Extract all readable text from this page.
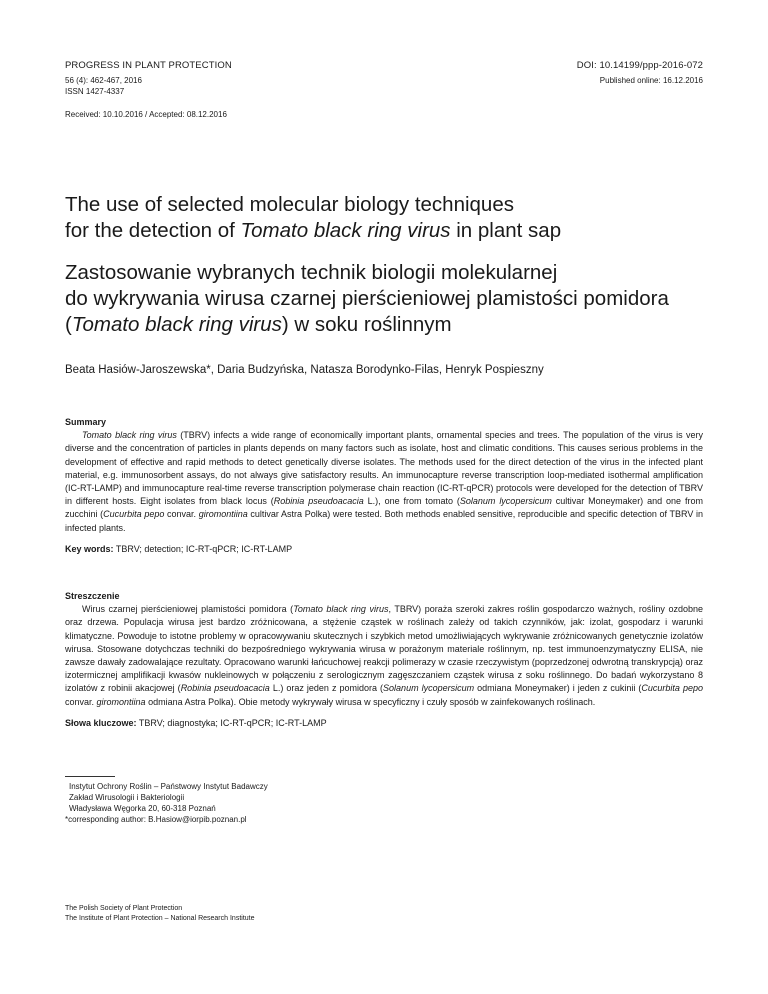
PROGRESS IN PLANT PROTECTION
56 (4): 462-467, 2016
ISSN 1427-4337
DOI: 10.14199/ppp-2016-072
Published online: 16.12.2016
Received: 10.10.2016 / Accepted: 08.12.2016
The use of selected molecular biology techniques
for the detection of Tomato black ring virus in plant sap
Zastosowanie wybranych technik biologii molekularnej
do wykrywania wirusa czarnej pierścieniowej plamistości pomidora
(Tomato black ring virus) w soku roślinnym
Beata Hasiów-Jaroszewska*, Daria Budzyńska, Natasza Borodynko-Filas, Henryk Pospieszny
Summary

Tomato black ring virus (TBRV) infects a wide range of economically important plants, ornamental species and trees. The population of the virus is very diverse and the concentration of particles in plants depends on many factors such as isolate, host and climatic conditions. This causes serious problems in the development of effective and rapid methods to detect genetically diverse isolates. The methods used for the direct detection of the virus in the infected plant material, e.g. immunosorbent assays, do not always give satisfactory results. An immunocapture reverse transcription loop-mediated isothermal amplification (IC-RT-LAMP) and immunocapture real-time reverse transcription polymerase chain reaction (IC-RT-qPCR) protocols were developed for the detection of TBRV in different hosts. Eight isolates from black locus (Robinia pseudoacacia L.), one from tomato (Solanum lycopersicum cultivar Moneymaker) and one from zucchini (Cucurbita pepo convar. giromontiina cultivar Astra Polka) were tested. Both methods enabled sensitive, reproducible and specific detection of TBRV in infected plants.

Key words: TBRV; detection; IC-RT-qPCR; IC-RT-LAMP
Streszczenie

Wirus czarnej pierścieniowej plamistości pomidora (Tomato black ring virus, TBRV) poraża szeroki zakres roślin gospodarczo ważnych, rośliny ozdobne oraz drzewa. Populacja wirusa jest bardzo zróżnicowana, a stężenie cząstek w roślinach zależy od takich czynników, jak: izolat, gospodarz i warunki klimatyczne. Powoduje to istotne problemy w opracowywaniu skutecznych i szybkich metod umożliwiających wykrywanie zróżnicowanych genetycznie izolatów wirusa. Stosowane dotychczas techniki do bezpośredniego wykrywania wirusa w porażonym materiale roślinnym, np. test immunoenzymatyczny ELISA, nie zawsze dawały zadowalające rezultaty. Opracowano warunki łańcuchowej reakcji polimerazy w czasie rzeczywistym (poprzedzonej odwrotną transkrypcją) oraz izotermicznej amplifikacji kwasów nukleinowych w połączeniu z serologicznym zagęszczaniem cząstek wirusa z soku roślinnego. Do badań wykorzystano 8 izolatów z robinii akacjowej (Robinia pseudoacacia L.) oraz jeden z pomidora (Solanum lycopersicum odmiana Moneymaker) i jeden z cukinii (Cucurbita pepo convar. giromontiina odmiana Astra Polka). Obie metody wykrywały wirusa w specyficzny i czuły sposób w zainfekowanych roślinach.

Słowa kluczowe: TBRV; diagnostyka; IC-RT-qPCR; IC-RT-LAMP
Instytut Ochrony Roślin – Państwowy Instytut Badawczy
Zakład Wirusologii i Bakteriologii
Władysława Węgorka 20, 60-318 Poznań
*corresponding author: B.Hasiow@iorpib.poznan.pl
The Polish Society of Plant Protection
The Institute of Plant Protection – National Research Institute
